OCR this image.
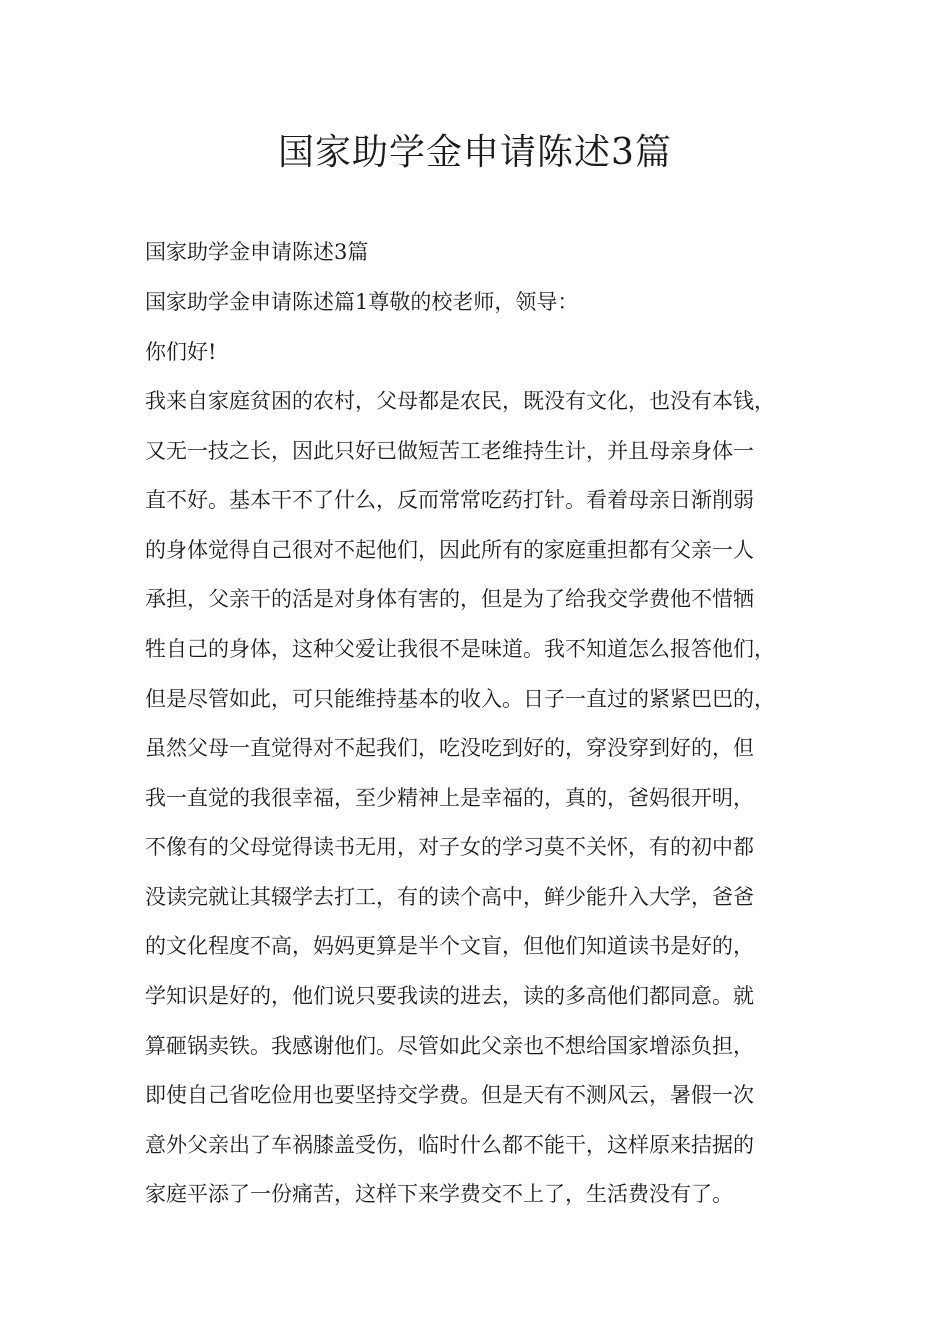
国家助学金申请陈述3篇

国家助学金申请陈述3篇

国家助学金申请陈述篇1尊敬的校老师，领导：

你们好!

我来自家庭贫困的农村，父母都是农民，既没有文化，也没有本钱，

又无一技之长，因此只好已做短苦工老维持生计，并且母亲身体一

直不好。基本干不了什么，反而常常吃药打针。看着母亲日渐削弱

的身体觉得自己很对不起他们，因此所有的家庭重担都有父亲一人

承担，父亲干的活是对身体有害的，但是为了给我交学费他不惜牺

牲自己的身体，这种父爱让我很不是味道。我不知道怎么报答他们，

但是尽管如此，可只能维持基本的收入。日子一直过的紧紧巴巴的，

虽然父母一直觉得对不起我们，吃没吃到好的，穿没穿到好的，但

我一直觉的我很幸福，至少精神上是幸福的，真的，爸妈很开明，

不像有的父母觉得读书无用，对子女的学习莫不关怀，有的初中都

没读完就让其辍学去打工，有的读个高中，鲜少能升入大学，爸爸

的文化程度不高，妈妈更算是半个文盲，但他们知道读书是好的，

学知识是好的，他们说只要我读的进去，读的多高他们都同意。就

算砸锅卖铁。我感谢他们。尽管如此父亲也不想给国家增添负担，

即使自己省吃俭用也要坚持交学费。但是天有不测风云，暑假一次

意外父亲出了车祸膝盖受伤，临时什么都不能干，这样原来拮据的

家庭平添了一份痛苦，这样下来学费交不上了，生活费没有了。
